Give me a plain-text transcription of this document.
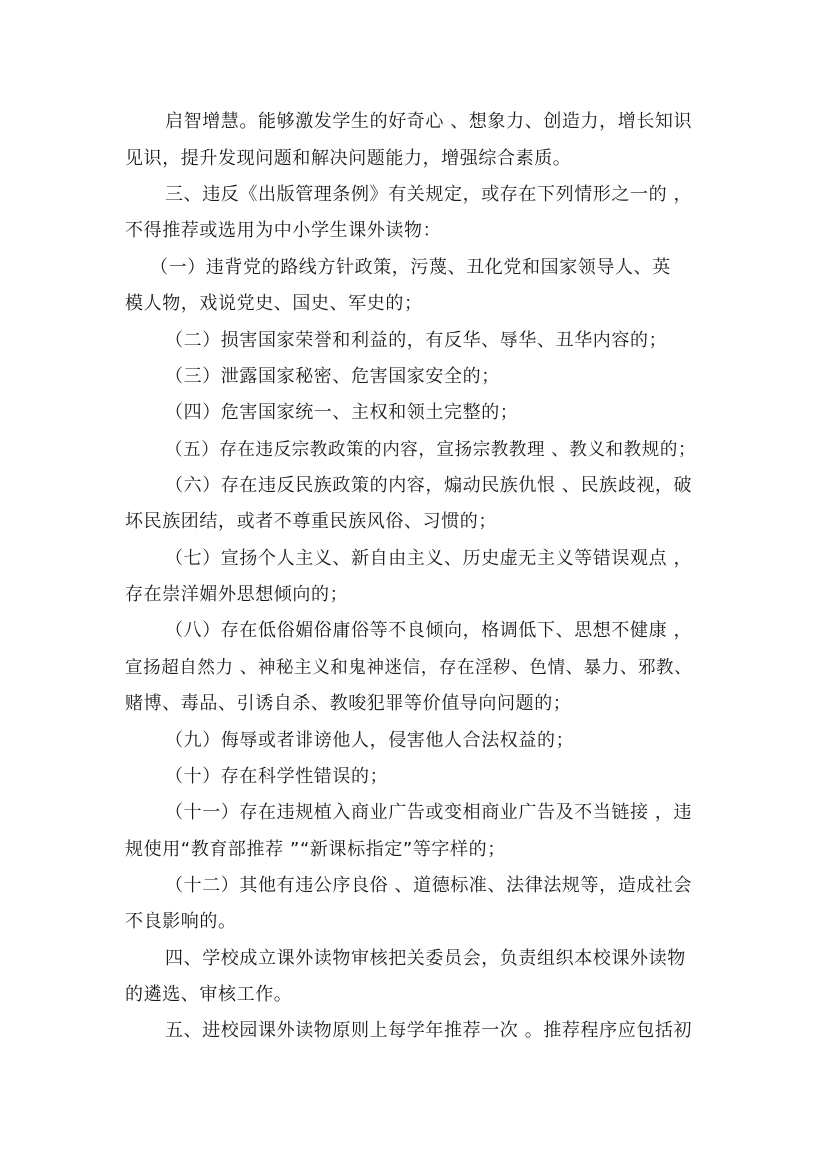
启智增慧。能够激发学生的好奇心 、想象力、创造力，增长知识
见识，提升发现问题和解决问题能力，增强综合素质。
三、违反《出版管理条例》有关规定，或存在下列情形之一的 ，
不得推荐或选用为中小学生课外读物：
（一）违背党的路线方针政策，污蔑、丑化党和国家领导人、英
模人物，戏说党史、国史、军史的；
（二）损害国家荣誉和利益的，有反华、辱华、丑华内容的；
（三）泄露国家秘密、危害国家安全的；
（四）危害国家统一、主权和领土完整的；
（五）存在违反宗教政策的内容，宣扬宗教教理 、教义和教规的；
（六）存在违反民族政策的内容，煽动民族仇恨 、民族歧视，破
坏民族团结，或者不尊重民族风俗、习惯的；
（七）宣扬个人主义、新自由主义、历史虚无主义等错误观点 ，
存在崇洋媚外思想倾向的；
（八）存在低俗媚俗庸俗等不良倾向，格调低下、思想不健康 ，
宣扬超自然力 、神秘主义和鬼神迷信，存在淫秽、色情、暴力、邪教、
赌博、毒品、引诱自杀、教唆犯罪等价值导向问题的；
（九）侮辱或者诽谤他人，侵害他人合法权益的；
（十）存在科学性错误的；
（十一）存在违规植入商业广告或变相商业广告及不当链接 ，违
规使用“教育部推荐 ”“新课标指定”等字样的；
（十二）其他有违公序良俗 、道德标准、法律法规等，造成社会
不良影响的。
四、学校成立课外读物审核把关委员会，负责组织本校课外读物
的遴选、审核工作。
五、进校园课外读物原则上每学年推荐一次 。推荐程序应包括初
